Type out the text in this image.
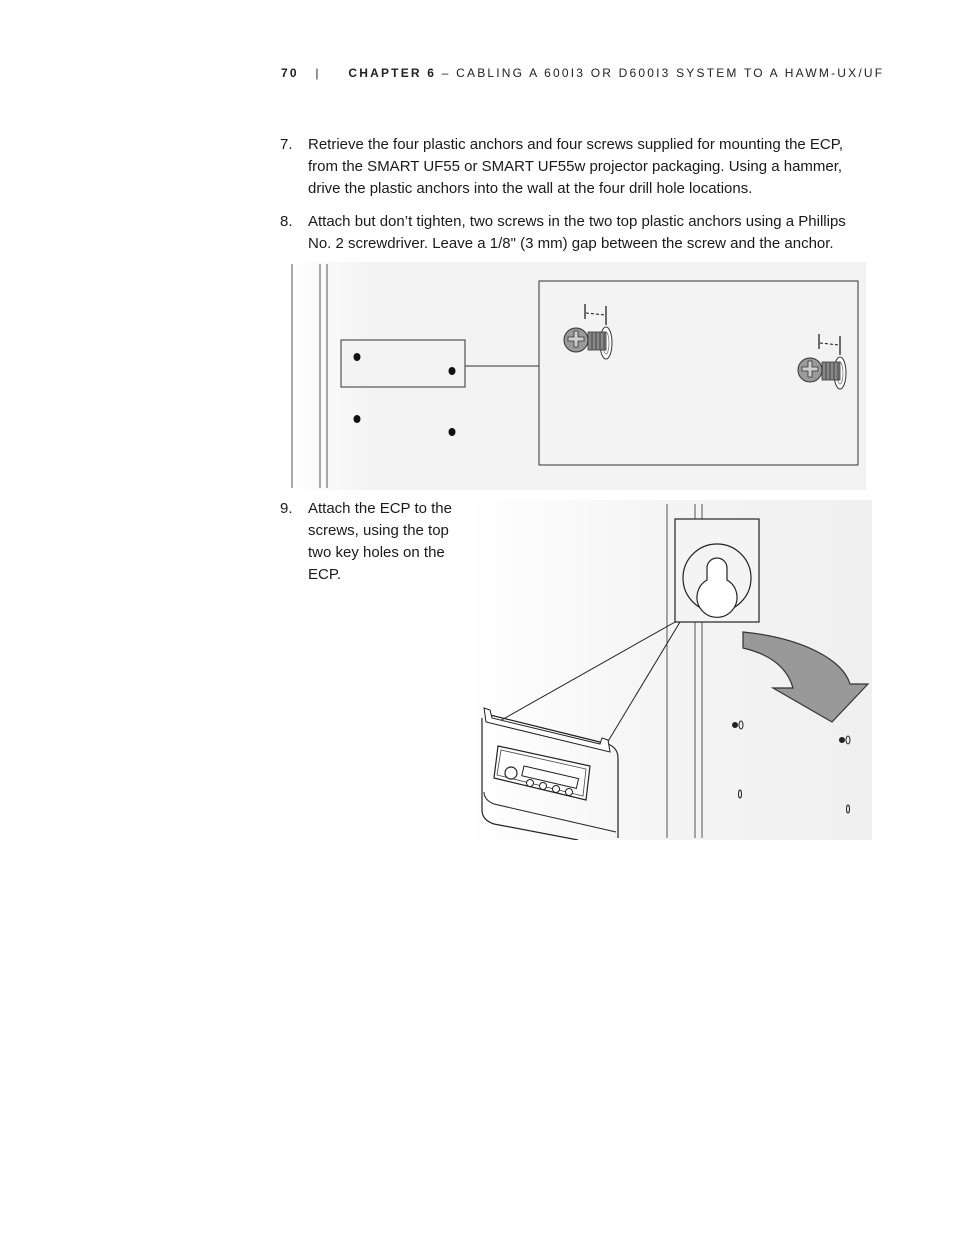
70 | CHAPTER 6 – CABLING A 600I3 OR D600I3 SYSTEM TO A HAWM-UX/UF
7. Retrieve the four plastic anchors and four screws supplied for mounting the ECP, from the SMART UF55 or SMART UF55w projector packaging. Using a hammer, drive the plastic anchors into the wall at the four drill hole locations.
8. Attach but don’t tighten, two screws in the two top plastic anchors using a Phillips No. 2 screwdriver. Leave a 1/8" (3 mm) gap between the screw and the anchor.
9. Attach the ECP to the screws, using the top two key holes on the ECP.
